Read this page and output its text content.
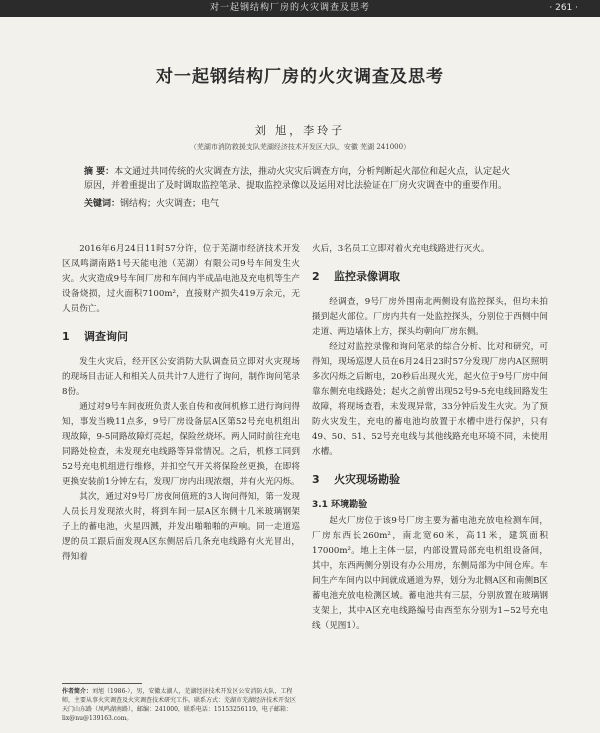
对一起钢结构厂房的火灾调查及思考	· 261 ·
对一起钢结构厂房的火灾调查及思考
刘 旭，李玲子
（芜湖市消防救援支队芜湖经济技术开发区大队，安徽 芜湖 241000）

摘 要：本文通过共同传统的火灾调查方法，推动火灾灾后调查方向，分析判断起火部位和起火点，认定起火原因，并着重提出了及时调取监控笔录、提取监控录像以及运用对比法验证在厂房火灾调查中的重要作用。

关键词：钢结构；火灾调查；电气

2016年6月24日11时57分许，位于芜湖市经济技术开发区凤鸣湖南路1号天能电池（芜湖）有限公司9号车间发生火灾。火灾造成9号车间厂房和车间内半成品电池及充电机等生产设备烧损，过火面积7100m²，直接财产损失419万余元，无人员伤亡。

1 调查询问

发生火灾后，经开区公安消防大队调查员立即对火灾现场的现场目击证人和相关人员共计7人进行了询问，制作询问笔录8份。

通过对9号车间夜班负责人张自传和夜间机修工进行询问得知，事发当晚11点多，9号厂房设备层A区第52号充电机组出现故障，9-5同路故障灯亮起，保险丝烧坏。两人同时前往充电同路处检查，未发现充电线路等异常情况。之后，机修工同到52号充电机组进行维修，并扣空气开关将保险丝更换，在即将更换安装前1分钟左右，发现厂房内出现浓烟，并有火光闪烁。

其次，通过对9号厂房夜间值班的3人询问得知，第一发现人员长月发现浓火时，将到车间一层A区东侧十几米玻璃钢架子上的蓄电池，火星四溅，并发出啪啪啪的声响。同一走道巡逻的员工跟后面发现A区东侧居后几条充电线路有火光冒出，得知着

火后，3名员工立即对着火充电线路进行灭火。

2 监控录像调取

经调查，9号厂房外围南北两侧设有监控探头，但均未拍摄到起火部位。厂房内共有一处监控探头，分别位于西侧中间走道、两边墙体上方，探头均朝向厂房东侧。

经过对监控录像和询问笔录的综合分析、比对和研究，可得知，现场巡逻人员在6月24日23时57分发现厂房内A区照明多次闪烁之后断电，20秒后出现火光，起火位于9号厂房中间靠东侧充电线路处；起火之前曾出现52号9-5充电线回路发生故障，将现场查看，未发现异常，33分钟后发生火灾。为了预防火灾发生，充电的蓄电池均放置于水槽中进行保护，只有49、50、51、52号充电线与其他线路充电环境不同，未使用水槽。

3 火灾现场勘验
3.1 环境勘验

起火厂房位于该9号厂房主要为蓄电池充放电检测车间，厂房东西长260m²，南北宽60米，高11米，建筑面积17000m²。地上主体一层，内部设置局部充电机组设备间，其中，东西两侧分别设有办公用房，东侧局部为中间仓库。车间生产车间内以中间就成通道为界，划分为北侧A区和南侧B区蓄电池充放电检测区域。蓄电池共有三层，分别放置在玻璃钢支架上，其中A区充电线路编号由西至东分别为1~52号充电线（见图1）。

作者简介：刘旭（1986-），男，安徽太湖人，芜湖经济技术开发区公安消防大队，工程师，主要从事火灾调查及火灾调查技术研究工作。联系方式：芜湖市芜湖经济技术开发区天门山东路（凤鸣湖南路），邮编：241000，联系电话：15153256119，电子邮箱：lix@nu@139163.com。
